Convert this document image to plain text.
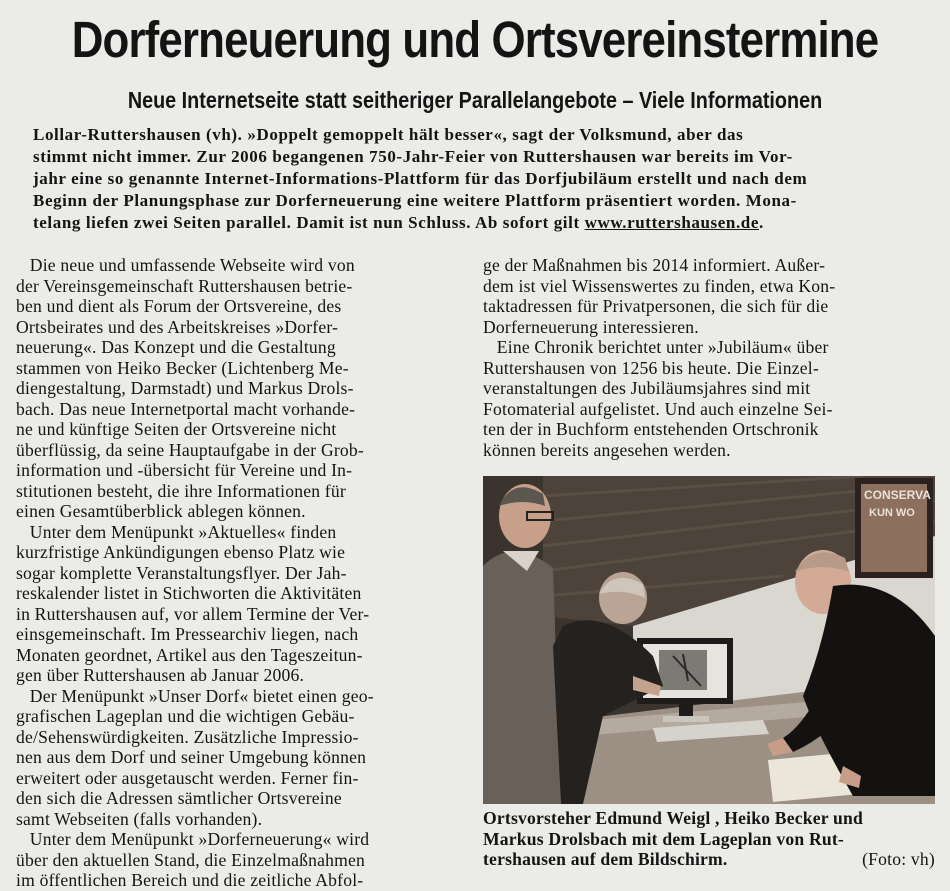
Dorferneuerung und Ortsvereinstermine
Neue Internetseite statt seitheriger Parallelangebote – Viele Informationen
Lollar-Ruttershausen (vh). »Doppelt gemoppelt hält besser«, sagt der Volksmund, aber das
stimmt nicht immer. Zur 2006 begangenen 750-Jahr-Feier von Ruttershausen war bereits im Vor-
jahr eine so genannte Internet-Informations-Plattform für das Dorfjubiläum erstellt und nach dem
Beginn der Planungsphase zur Dorferneuerung eine weitere Plattform präsentiert worden. Mona-
telang liefen zwei Seiten parallel. Damit ist nun Schluss. Ab sofort gilt www.ruttershausen.de.
Die neue und umfassende Webseite wird von
der Vereinsgemeinschaft Ruttershausen betrie-
ben und dient als Forum der Ortsvereine, des
Ortsbeirates und des Arbeitskreises »Dorfer-
neuerung«. Das Konzept und die Gestaltung
stammen von Heiko Becker (Lichtenberg Me-
diengestaltung, Darmstadt) und Markus Drols-
bach. Das neue Internetportal macht vorhande-
ne und künftige Seiten der Ortsvereine nicht
überflüssig, da seine Hauptaufgabe in der Grob-
information und -übersicht für Vereine und In-
stitutionen besteht, die ihre Informationen für
einen Gesamtüberblick ablegen können.
Unter dem Menüpunkt »Aktuelles« finden
kurzfristige Ankündigungen ebenso Platz wie
sogar komplette Veranstaltungsflyer. Der Jah-
reskalender listet in Stichworten die Aktivitäten
in Ruttershausen auf, vor allem Termine der Ver-
einsgemeinschaft. Im Pressearchiv liegen, nach
Monaten geordnet, Artikel aus den Tageszeitun-
gen über Ruttershausen ab Januar 2006.
Der Menüpunkt »Unser Dorf« bietet einen geo-
grafischen Lageplan und die wichtigen Gebäu-
de/Sehenswürdigkeiten. Zusätzliche Impressio-
nen aus dem Dorf und seiner Umgebung können
erweitert oder ausgetauscht werden. Ferner fin-
den sich die Adressen sämtlicher Ortsvereine
samt Webseiten (falls vorhanden).
Unter dem Menüpunkt »Dorferneuerung« wird
über den aktuellen Stand, die Einzelmaßnahmen
im öffentlichen Bereich und die zeitliche Abfol-
ge der Maßnahmen bis 2014 informiert. Außer-
dem ist viel Wissenswertes zu finden, etwa Kon-
taktadressen für Privatpersonen, die sich für die
Dorferneuerung interessieren.
Eine Chronik berichtet unter »Jubiläum« über
Ruttershausen von 1256 bis heute. Die Einzel-
veranstaltungen des Jubiläumsjahres sind mit
Fotomaterial aufgelistet. Und auch einzelne Sei-
ten der in Buchform entstehenden Ortschronik
können bereits angesehen werden.
CONSERVA
KUN WO
Ortsvorsteher Edmund Weigl , Heiko Becker und
Markus Drolsbach mit dem Lageplan von Rut-
tershausen auf dem Bildschirm.	(Foto: vh)
